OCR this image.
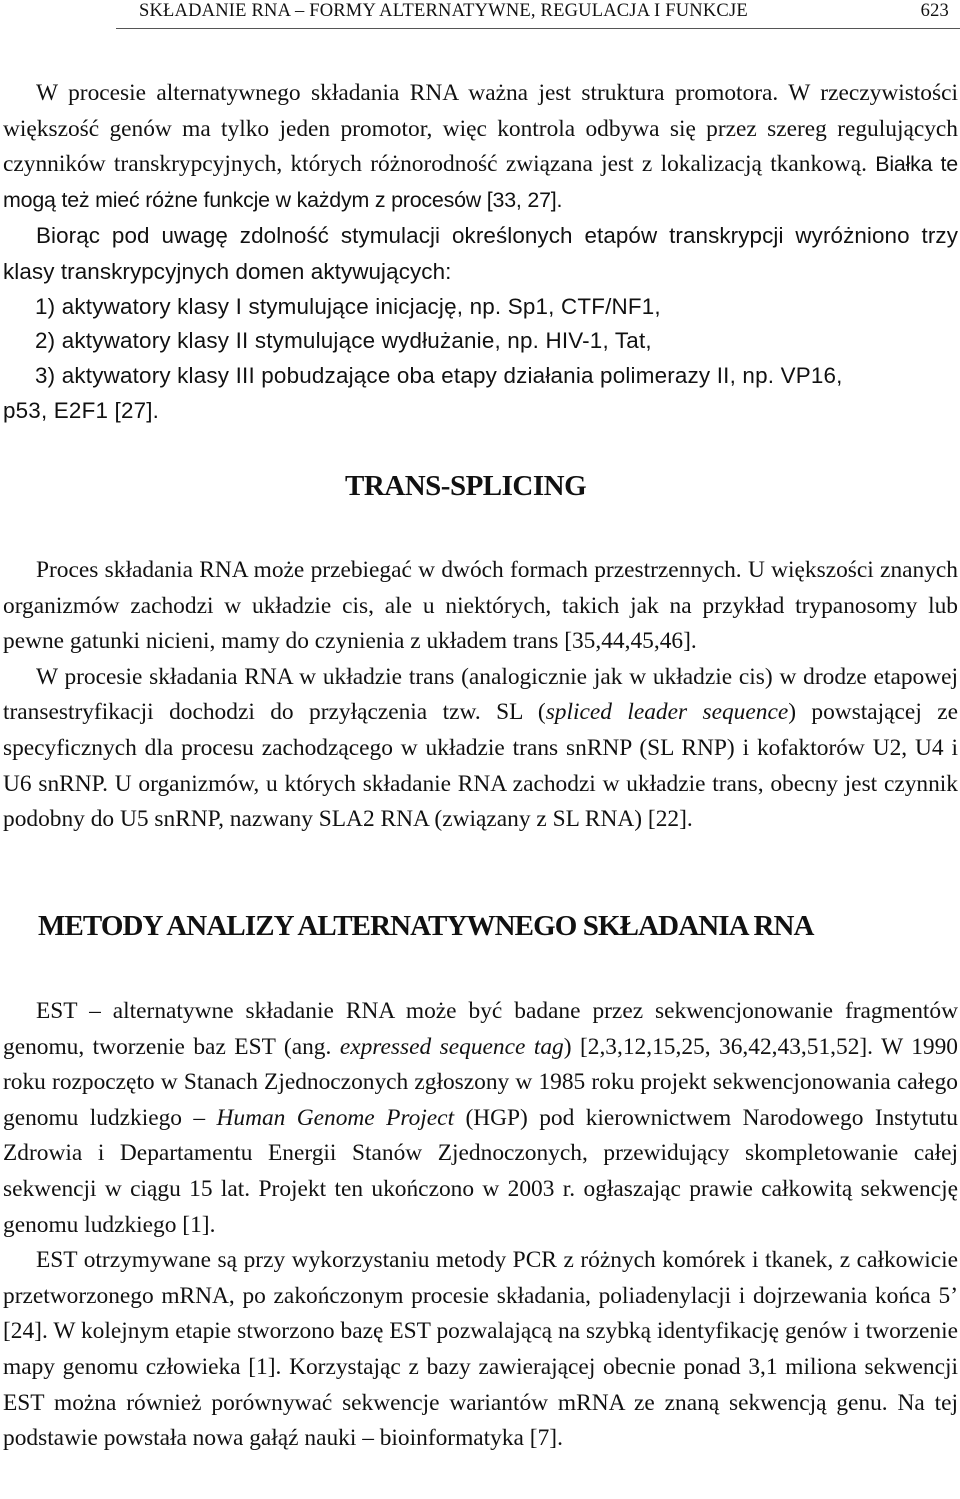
SKŁADANIE RNA – FORMY ALTERNATYWNE, REGULACJA I FUNKCJE	623

W procesie alternatywnego składania RNA ważna jest struktura promotora. W rzeczywistości większość genów ma tylko jeden promotor, więc kontrola odbywa się przez szereg regulujących czynników transkrypcyjnych, których różnorodność związana jest z lokalizacją tkankową. Białka te mogą też mieć różne funkcje w każdym z procesów [33, 27].

Biorąc pod uwagę zdolność stymulacji określonych etapów transkrypcji wyróżniono trzy klasy transkrypcyjnych domen aktywujących:

1) aktywatory klasy I stymulujące inicjację, np. Sp1, CTF/NF1,
2) aktywatory klasy II stymulujące wydłużanie, np. HIV-1, Tat,
3) aktywatory klasy III pobudzające oba etapy działania polimerazy II, np. VP16,
p53, E2F1 [27].
TRANS-SPLICING

Proces składania RNA może przebiegać w dwóch formach przestrzennych. U większości znanych organizmów zachodzi w układzie cis, ale u niektórych, takich jak na przykład trypanosomy lub pewne gatunki nicieni, mamy do czynienia z układem trans [35,44,45,46].

W procesie składania RNA w układzie trans (analogicznie jak w układzie cis) w drodze etapowej transestryfikacji dochodzi do przyłączenia tzw. SL (spliced leader sequence) powstającej ze specyficznych dla procesu zachodzącego w układzie trans snRNP (SL RNP) i kofaktorów U2, U4 i U6 snRNP. U organizmów, u których składanie RNA zachodzi w układzie trans, obecny jest czynnik podobny do U5 snRNP, nazwany SLA2 RNA (związany z SL RNA) [22].

METODY ANALIZY ALTERNATYWNEGO SKŁADANIA RNA

EST – alternatywne składanie RNA może być badane przez sekwencjonowanie fragmentów genomu, tworzenie baz EST (ang. expressed sequence tag) [2,3,12,15,25, 36,42,43,51,52]. W 1990 roku rozpoczęto w Stanach Zjednoczonych zgłoszony w 1985 roku projekt sekwencjonowania całego genomu ludzkiego – Human Genome Project (HGP) pod kierownictwem Narodowego Instytutu Zdrowia i Departamentu Energii Stanów Zjednoczonych, przewidujący skompletowanie całej sekwencji w ciągu 15 lat. Projekt ten ukończono w 2003 r. ogłaszając prawie całkowitą sekwencję genomu ludzkiego [1].

EST otrzymywane są przy wykorzystaniu metody PCR z różnych komórek i tkanek, z całkowicie przetworzonego mRNA, po zakończonym procesie składania, poliadenylacji i dojrzewania końca 5’ [24]. W kolejnym etapie stworzono bazę EST pozwalającą na szybką identyfikację genów i tworzenie mapy genomu człowieka [1]. Korzystając z bazy zawierającej obecnie ponad 3,1 miliona sekwencji EST można również porównywać sekwencje wariantów mRNA ze znaną sekwencją genu. Na tej podstawie powstała nowa gałąź nauki – bioinformatyka [7].
